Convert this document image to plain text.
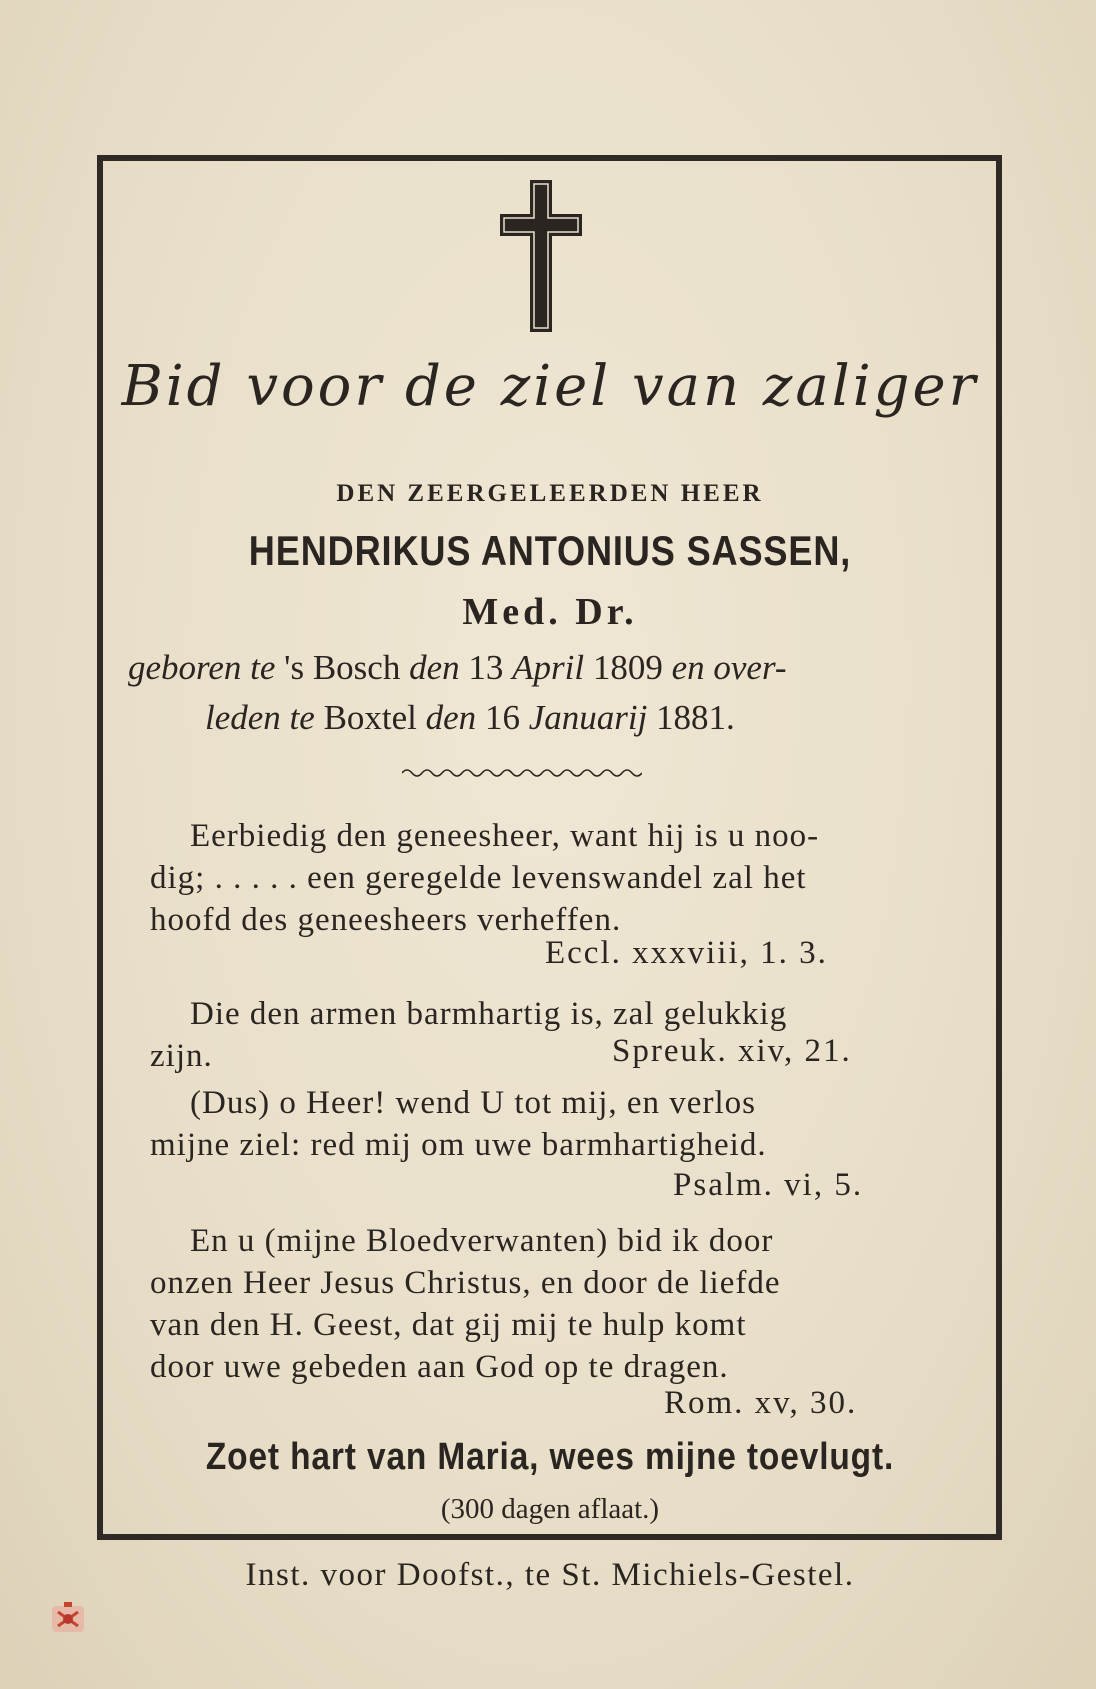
Bid voor de ziel van zaliger
DEN ZEERGELEERDEN HEER
HENDRIKUS ANTONIUS SASSEN,
Med. Dr.
geboren te 's Bosch den 13 April 1809 en over-
leden te Boxtel den 16 Januarij 1881.

Eerbiedig den geneesheer, want hij is u noo-

dig; . . . . . een geregelde levenswandel zal het

hoofd des geneesheers verheffen.

Eccl. xxxviii, 1. 3.

Die den armen barmhartig is, zal gelukkig

zijn.	Spreuk. xiv, 21.

(Dus) o Heer! wend U tot mij, en verlos

mijne ziel: red mij om uwe barmhartigheid.

Psalm. vi, 5.

En u (mijne Bloedverwanten) bid ik door

onzen Heer Jesus Christus, en door de liefde

van den H. Geest, dat gij mij te hulp komt

door uwe gebeden aan God op te dragen.

Rom. xv, 30.
Zoet hart van Maria, wees mijne toevlugt.
(300 dagen aflaat.)
Inst. voor Doofst., te St. Michiels-Gestel.
